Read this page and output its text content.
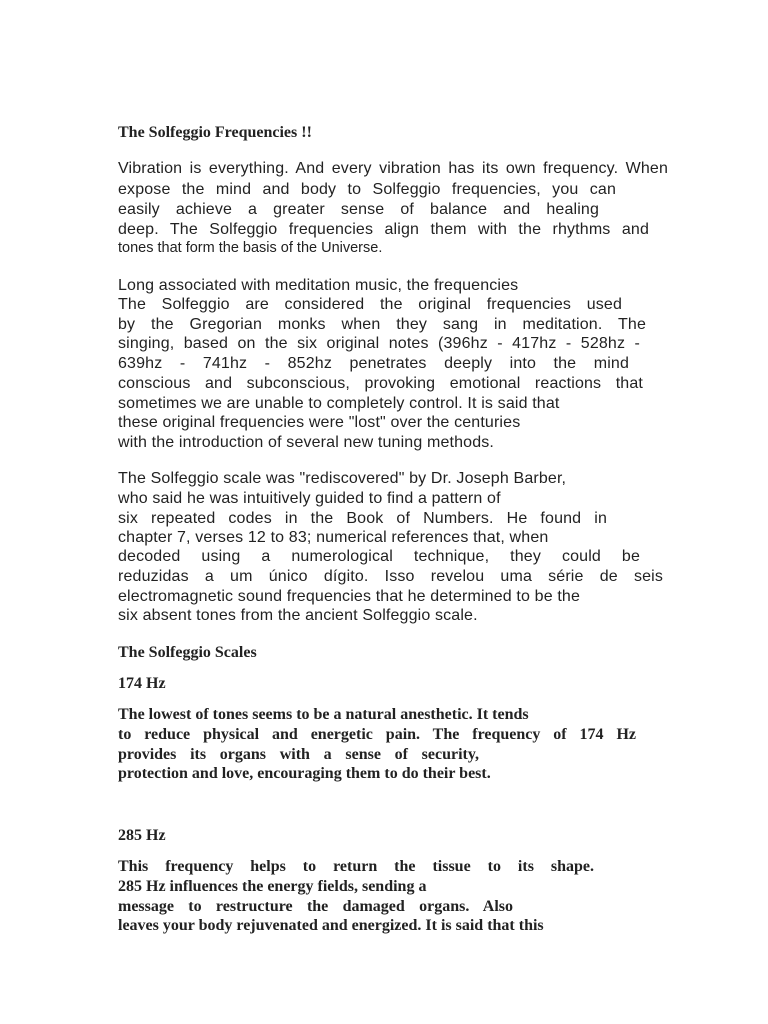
The Solfeggio Frequencies !!
Vibration is everything. And every vibration has its own frequency. When
expose the mind and body to Solfeggio frequencies, you can
easily achieve a greater sense of balance and healing
deep. The Solfeggio frequencies align them with the rhythms and
tones that form the basis of the Universe.
Long associated with meditation music, the frequencies
The Solfeggio are considered the original frequencies used
by the Gregorian monks when they sang in meditation. The
singing, based on the six original notes (396hz - 417hz - 528hz -
639hz - 741hz - 852hz penetrates deeply into the mind
conscious and subconscious, provoking emotional reactions that
sometimes we are unable to completely control. It is said that
these original frequencies were "lost" over the centuries
with the introduction of several new tuning methods.
The Solfeggio scale was "rediscovered" by Dr. Joseph Barber,
who said he was intuitively guided to find a pattern of
six repeated codes in the Book of Numbers. He found in
chapter 7, verses 12 to 83; numerical references that, when
decoded using a numerological technique, they could be
reduzidas a um único dígito. Isso revelou uma série de seis
electromagnetic sound frequencies that he determined to be the
six absent tones from the ancient Solfeggio scale.
The Solfeggio Scales
174 Hz
The lowest of tones seems to be a natural anesthetic. It tends
to reduce physical and energetic pain. The frequency of 174 Hz
provides its organs with a sense of security,
protection and love, encouraging them to do their best.
285 Hz
This frequency helps to return the tissue to its shape.
285 Hz influences the energy fields, sending a
message to restructure the damaged organs. Also
leaves your body rejuvenated and energized. It is said that this
